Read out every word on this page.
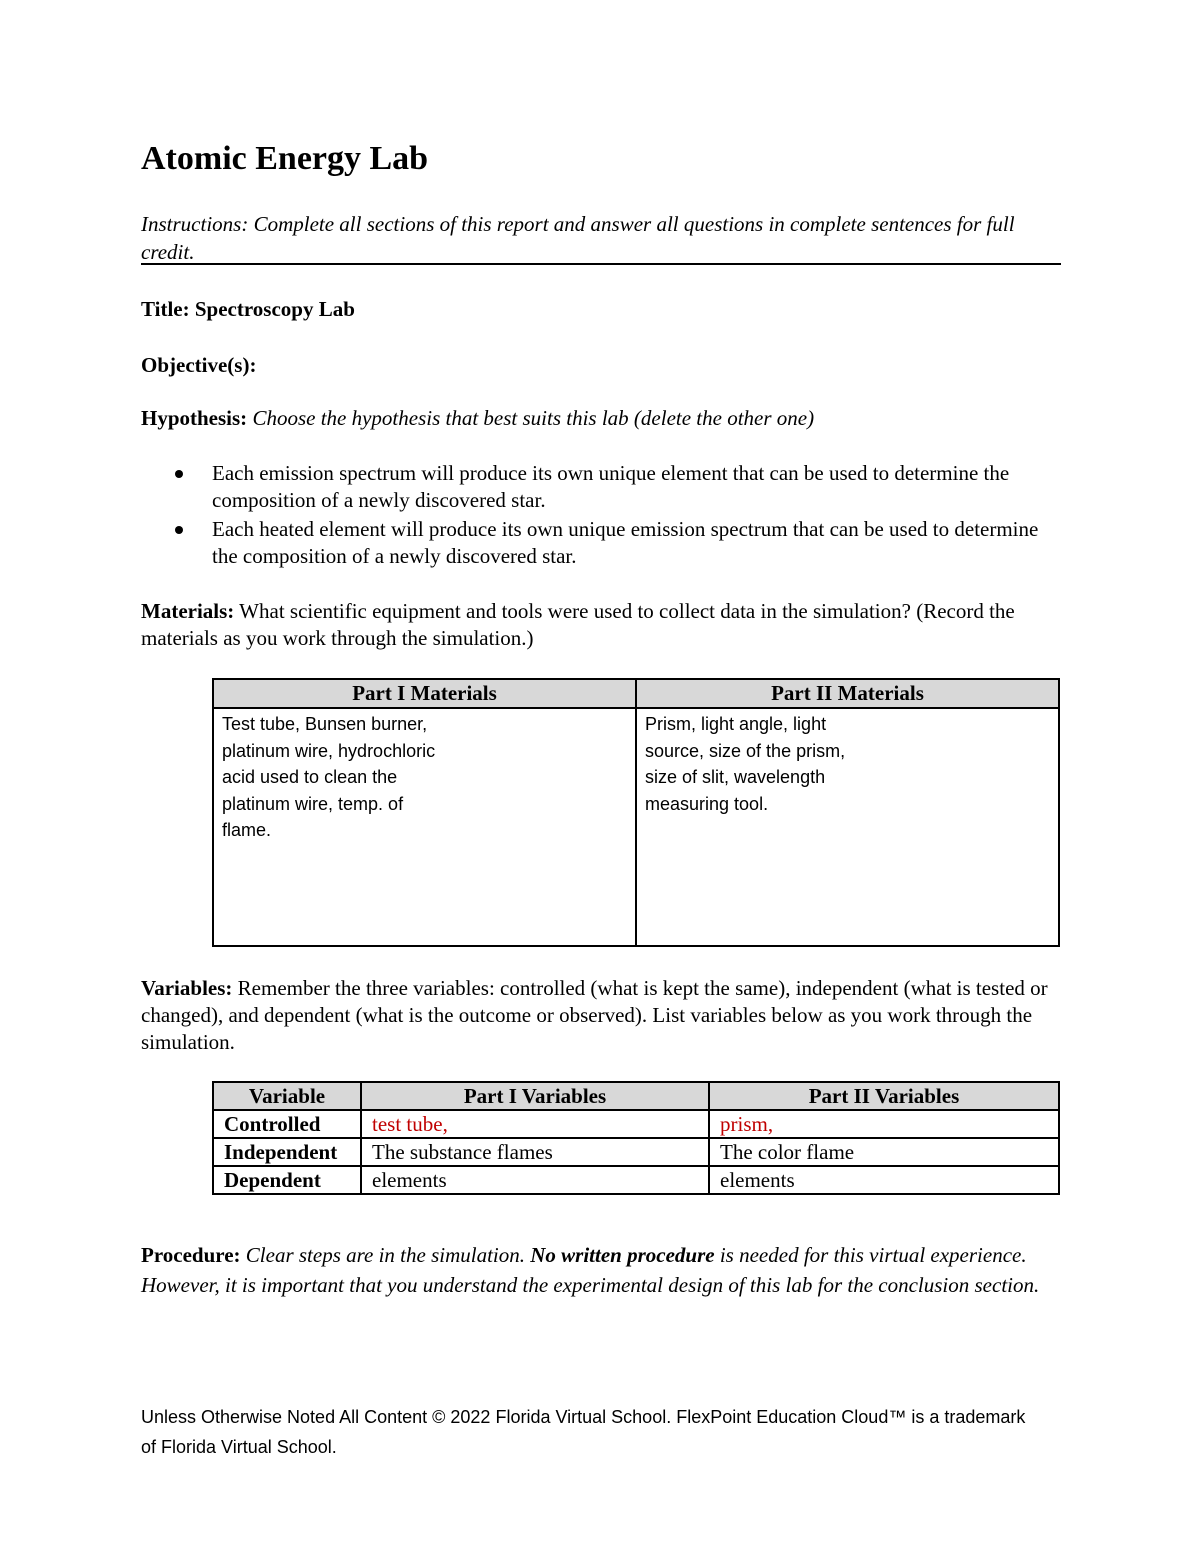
Atomic Energy Lab
Instructions: Complete all sections of this report and answer all questions in complete sentences for full credit.
Title: Spectroscopy Lab
Objective(s):
Hypothesis: Choose the hypothesis that best suits this lab (delete the other one)
Each emission spectrum will produce its own unique element that can be used to determine the composition of a newly discovered star.
Each heated element will produce its own unique emission spectrum that can be used to determine the composition of a newly discovered star.
Materials: What scientific equipment and tools were used to collect data in the simulation? (Record the materials as you work through the simulation.)
Part I Materials	Part II Materials

Test tube, Bunsen burner, platinum wire, hydrochloric acid used to clean the platinum wire, temp. of flame.	Prism, light angle, light source, size of the prism, size of slit, wavelength measuring tool.
Variables: Remember the three variables: controlled (what is kept the same), independent (what is tested or changed), and dependent (what is the outcome or observed). List variables below as you work through the simulation.
Variable	Part I Variables	Part II Variables
Controlled	test tube,	prism,
Independent	The substance flames	The color flame
Dependent	elements	elements
Procedure: Clear steps are in the simulation. No written procedure is needed for this virtual experience. However, it is important that you understand the experimental design of this lab for the conclusion section.
Unless Otherwise Noted All Content © 2022 Florida Virtual School. FlexPoint Education Cloud™ is a trademark of Florida Virtual School.
